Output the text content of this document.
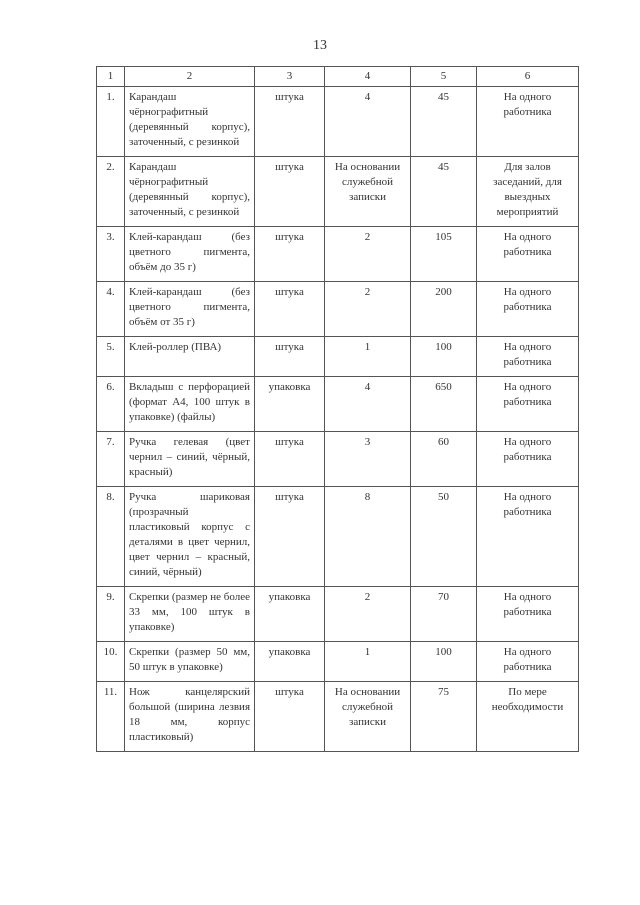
13
1	2	3	4	5	6
1.	Карандаш чёрнографитный (деревянный корпус), заточенный, с резинкой	штука	4	45	На одного работника
2.	Карандаш чёрнографитный (деревянный корпус), заточенный, с резинкой	штука	На основании служебной записки	45	Для залов заседаний, для выездных мероприятий
3.	Клей-карандаш (без цветного пигмента, объём до 35 г)	штука	2	105	На одного работника
4.	Клей-карандаш (без цветного пигмента, объём от 35 г)	штука	2	200	На одного работника
5.	Клей-роллер (ПВА)	штука	1	100	На одного работника
6.	Вкладыш с перфорацией (формат А4, 100 штук в упаковке) (файлы)	упаковка	4	650	На одного работника
7.	Ручка гелевая (цвет чернил – синий, чёрный, красный)	штука	3	60	На одного работника
8.	Ручка шариковая (прозрачный пластиковый корпус с деталями в цвет чернил, цвет чернил – красный, синий, чёрный)	штука	8	50	На одного работника
9.	Скрепки (размер не более 33 мм, 100 штук в упаковке)	упаковка	2	70	На одного работника
10.	Скрепки (размер 50 мм, 50 штук в упаковке)	упаковка	1	100	На одного работника
11.	Нож канцелярский большой (ширина лезвия 18 мм, корпус пластиковый)	штука	На основании служебной записки	75	По мере необходимости
